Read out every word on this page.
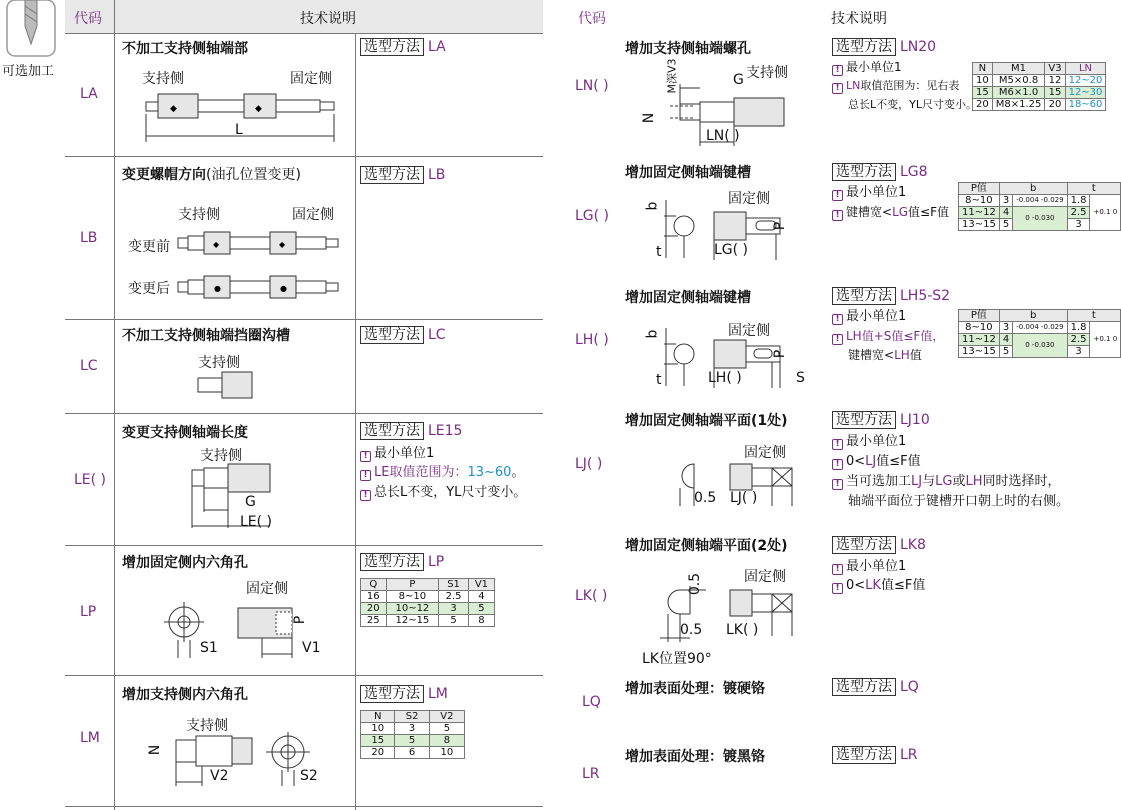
可选加工
代码	技术说明
LA
不加工支持侧轴端部	选型方法 LA
支持侧	固定侧
◆	◆
L
LB
变更螺帽方向(油孔位置变更)	选型方法 LB
支持侧	固定侧
变更前
变更后
◆	◆
●	●
LC
不加工支持侧轴端挡圈沟槽	选型方法 LC
支持侧
LE( )
变更支持侧轴端长度	选型方法 LE15
! 最小单位1
! LE取值范围为：13~60。
! 总长L不变，YL尺寸变小。
支持侧
G
LE( )
LP
增加固定侧内六角孔	选型方法 LP
Q	P	S1	V1
16	8~10	2.5	4
20	10~12	3	5
25	12~15	5	8
固定侧
P
S1	V1
LM
增加支持侧内六角孔	选型方法 LM
N	S2	V2
10	3	5
15	5	8
20	6	10
支持侧
N
V2	S2
代码	技术说明
LN( )
增加支持侧轴端螺孔	选型方法 LN20
! 最小单位1
! LN取值范围为：见右表
总长L不变，YL尺寸变小。
N	M1	V3	LN
10	M5×0.8	12	12~20
15	M6×1.0	15	12~30
20	M8×1.25	20	18~60
M深V3	G 支持侧
N
LN( )
LG( )
增加固定侧轴端键槽	选型方法 LG8
! 最小单位1
! 键槽宽<LG值≤F值
P值	b		t	
8~10	3	-0.004 -0.029	1.8	+0.1 0
11~12	4	0 -0.030	2.5	
13~15	5		3	
固定侧
b
t
P
LG( )
LH( )
增加固定侧轴端键槽	选型方法 LH5-S2
! 最小单位1
! LH值+S值≤F值，
键槽宽<LH值
P值	b		t	
8~10	3	-0.004 -0.029	1.8	+0.1 0
11~12	4	0 -0.030	2.5	
13~15	5		3	
固定侧
b
t
P
LH( )	S
LJ( )
增加固定侧轴端平面(1处)	选型方法 LJ10
! 最小单位1
! 0<LJ值≤F值
! 当可选加工LJ与LG或LH同时选择时，
轴端平面位于键槽开口朝上时的右侧。
固定侧
0.5 LJ( )
LK( )
增加固定侧轴端平面(2处)	选型方法 LK8
! 最小单位1
! 0<LK值≤F值
0.5	固定侧
0.5 LK( )
LK位置90°
LQ
增加表面处理：镀硬铬	选型方法 LQ
LR
增加表面处理：镀黑铬	选型方法 LR
